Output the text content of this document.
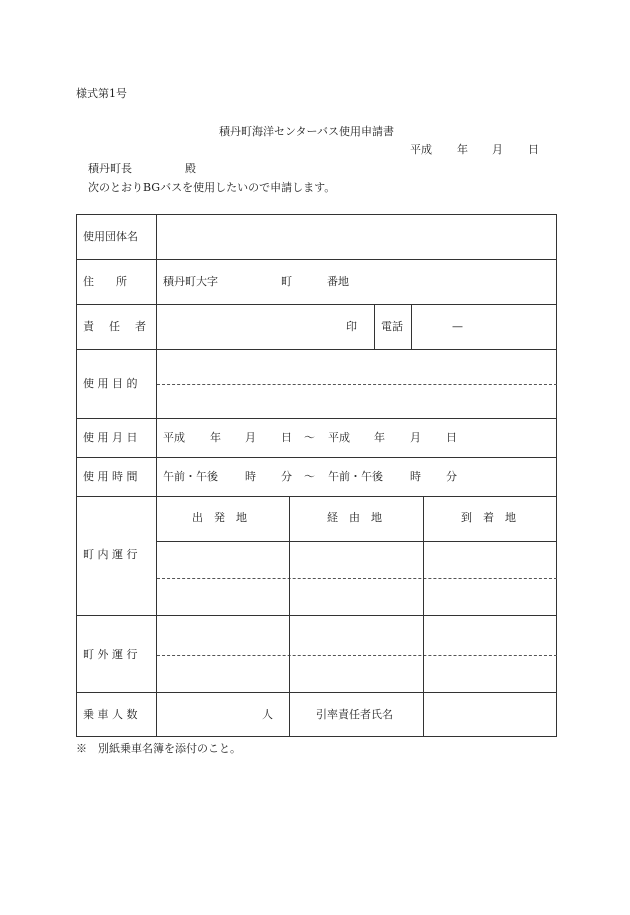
様式第1号
積丹町海洋センターバス使用申請書
平成 年 月 日
積丹町長	殿
次のとおりBGバスを使用したいので申請します。
使用団体名
住　　所	積丹町大字	町	番地
責　任　者	印 電話	—
使 用 目 的
使 用 月 日 平成 年 月 日 〜 平成 年 月 日
使 用 時 間 午前・午後 時 分 〜 午前・午後 時 分
町 内 運 行
出　発　地	経　由　地	到　着　地
町 外 運 行
乗 車 人 数	人	引率責任者氏名
※　別紙乗車名簿を添付のこと。
